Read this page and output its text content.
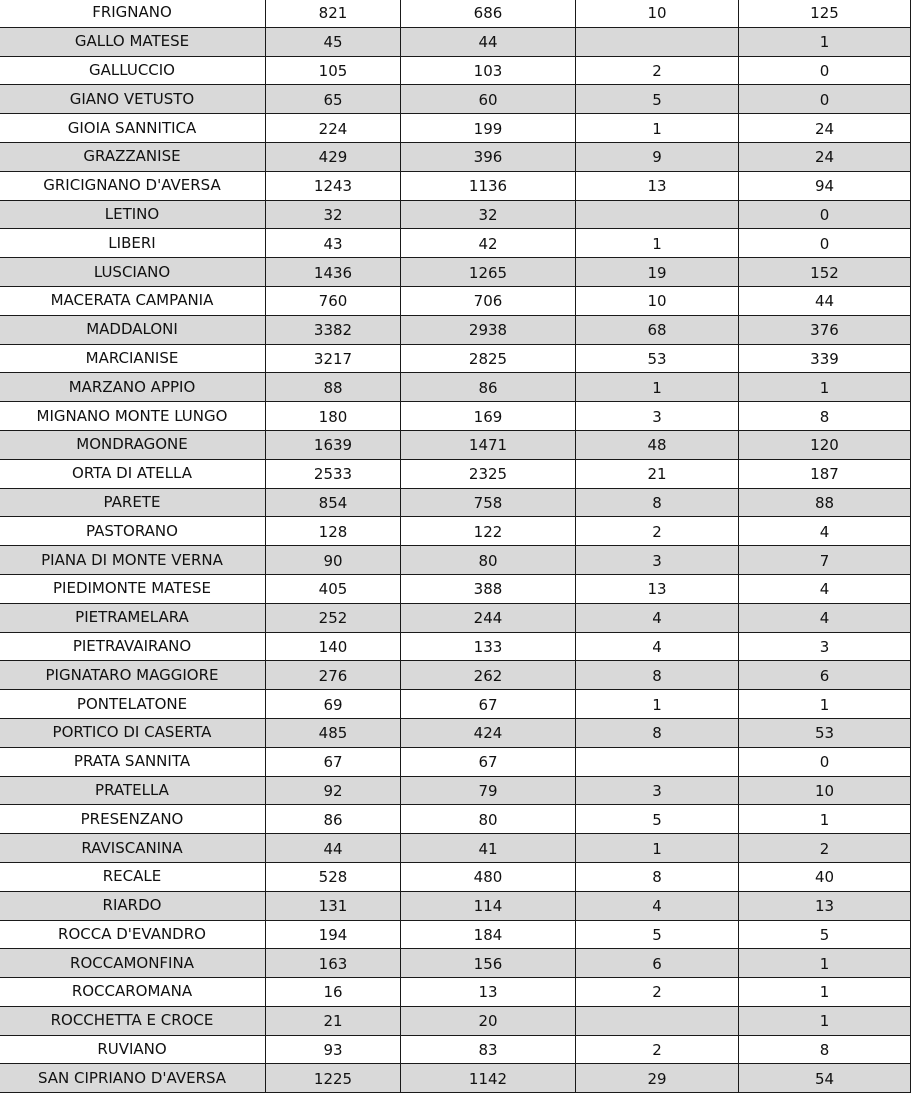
FRIGNANO	821	686	10	125
GALLO MATESE	45	44		1
GALLUCCIO	105	103	2	0
GIANO VETUSTO	65	60	5	0
GIOIA SANNITICA	224	199	1	24
GRAZZANISE	429	396	9	24
GRICIGNANO D'AVERSA	1243	1136	13	94
LETINO	32	32		0
LIBERI	43	42	1	0
LUSCIANO	1436	1265	19	152
MACERATA CAMPANIA	760	706	10	44
MADDALONI	3382	2938	68	376
MARCIANISE	3217	2825	53	339
MARZANO APPIO	88	86	1	1
MIGNANO MONTE LUNGO	180	169	3	8
MONDRAGONE	1639	1471	48	120
ORTA DI ATELLA	2533	2325	21	187
PARETE	854	758	8	88
PASTORANO	128	122	2	4
PIANA DI MONTE VERNA	90	80	3	7
PIEDIMONTE MATESE	405	388	13	4
PIETRAMELARA	252	244	4	4
PIETRAVAIRANO	140	133	4	3
PIGNATARO MAGGIORE	276	262	8	6
PONTELATONE	69	67	1	1
PORTICO DI CASERTA	485	424	8	53
PRATA SANNITA	67	67		0
PRATELLA	92	79	3	10
PRESENZANO	86	80	5	1
RAVISCANINA	44	41	1	2
RECALE	528	480	8	40
RIARDO	131	114	4	13
ROCCA D'EVANDRO	194	184	5	5
ROCCAMONFINA	163	156	6	1
ROCCAROMANA	16	13	2	1
ROCCHETTA E CROCE	21	20		1
RUVIANO	93	83	2	8
SAN CIPRIANO D'AVERSA	1225	1142	29	54
